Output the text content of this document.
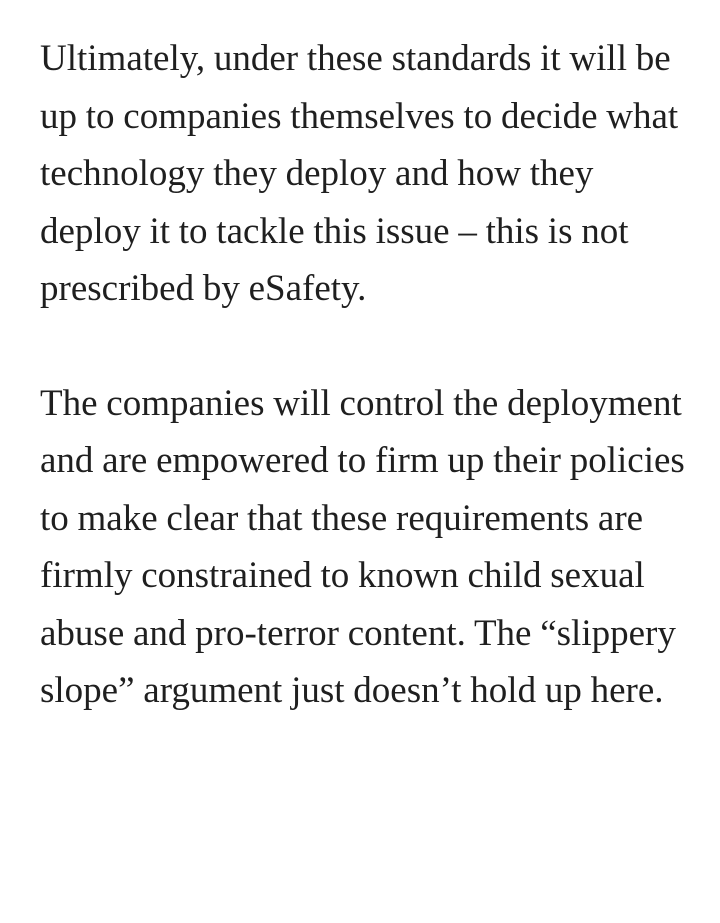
Ultimately, under these standards it will be up to companies themselves to decide what technology they deploy and how they deploy it to tackle this issue – this is not prescribed by eSafety.

The companies will control the deployment and are empowered to firm up their policies to make clear that these requirements are firmly constrained to known child sexual abuse and pro-terror content. The “slippery slope” argument just doesn’t hold up here.
